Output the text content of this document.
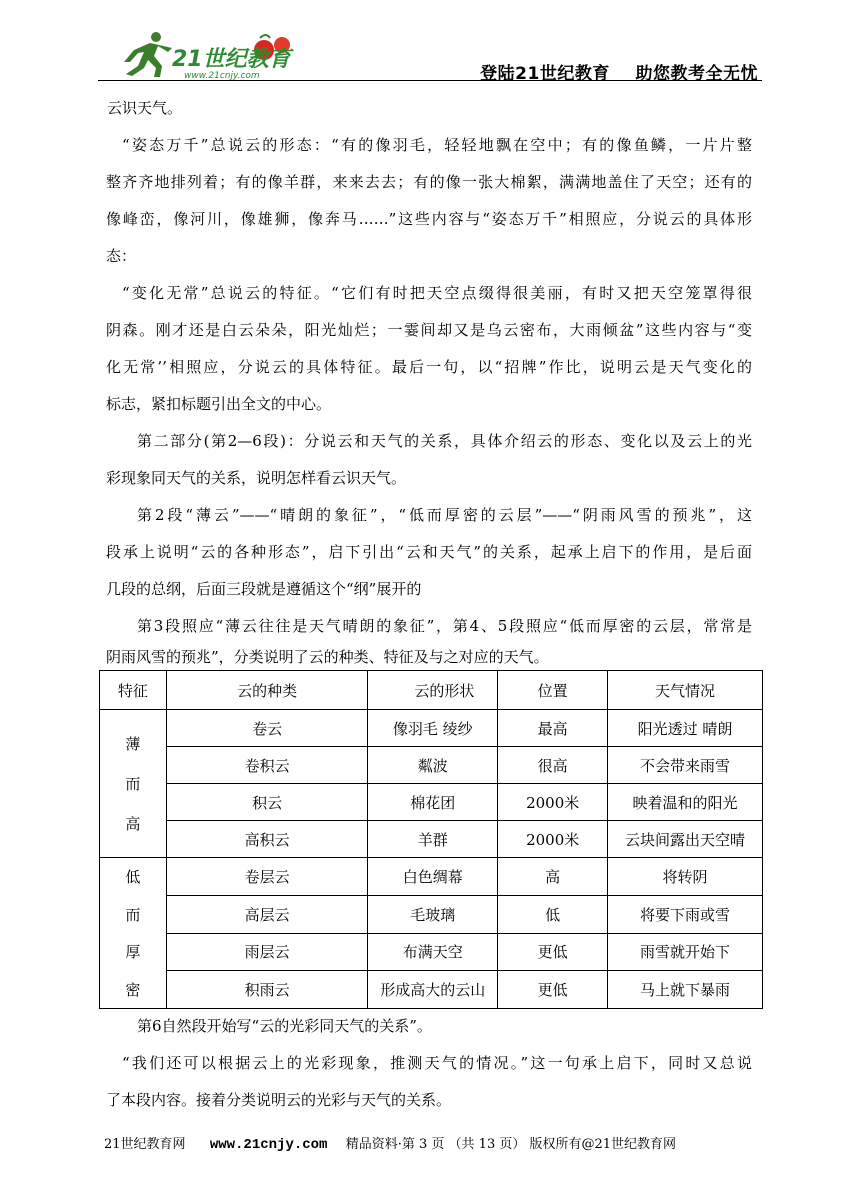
21世纪教育
www.21cnjy.com	登陆21世纪教育    助您教考全无忧
云识天气。
“姿态万千”总说云的形态：“有的像羽毛，轻轻地飘在空中；有的像鱼鳞，一片片整
整齐齐地排列着；有的像羊群，来来去去；有的像一张大棉絮，满满地盖住了天空；还有的
像峰峦，像河川，像雄狮，像奔马……”这些内容与“姿态万千”相照应，分说云的具体形
态：
“变化无常”总说云的特征。“它们有时把天空点缀得很美丽，有时又把天空笼罩得很
阴森。刚才还是白云朵朵，阳光灿烂；一霎间却又是乌云密布，大雨倾盆”这些内容与“变
化无常’’相照应，分说云的具体特征。最后一句，以“招牌”作比，说明云是天气变化的
标志，紧扣标题引出全文的中心。
第二部分(第2—6段)：分说云和天气的关系，具体介绍云的形态、变化以及云上的光
彩现象同天气的关系，说明怎样看云识天气。
第2段“薄云”——“晴朗的象征”，“低而厚密的云层”——“阴雨风雪的预兆”，这
段承上说明“云的各种形态”，启下引出“云和天气”的关系，起承上启下的作用，是后面
几段的总纲，后面三段就是遵循这个“纲”展开的
第3段照应“薄云往往是天气晴朗的象征”，第4、5段照应“低而厚密的云层，常常是
阴雨风雪的预兆”，分类说明了云的种类、特征及与之对应的天气。
特征	云的种类	云的形状	位置	天气情况

薄
而
高	卷云	像羽毛 绫纱	最高	阳光透过 晴朗
	卷积云	粼波	很高	不会带来雨雪
	积云	棉花团	2000米	映着温和的阳光
	高积云	羊群	2000米	云块间露出天空晴

低
而
厚
密	卷层云	白色绸幕	高	将转阴
	高层云	毛玻璃	低	将要下雨或雪
	雨层云	布满天空	更低	雨雪就开始下
	积雨云	形成高大的云山	更低	马上就下暴雨
第6自然段开始写“云的光彩同天气的关系”。
“我们还可以根据云上的光彩现象，推测天气的情况。”这一句承上启下，同时又总说
了本段内容。接着分类说明云的光彩与天气的关系。
21世纪教育网 www.21cnjy.com 精品资料·第 3 页 （共 13 页） 版权所有@21世纪教育网
